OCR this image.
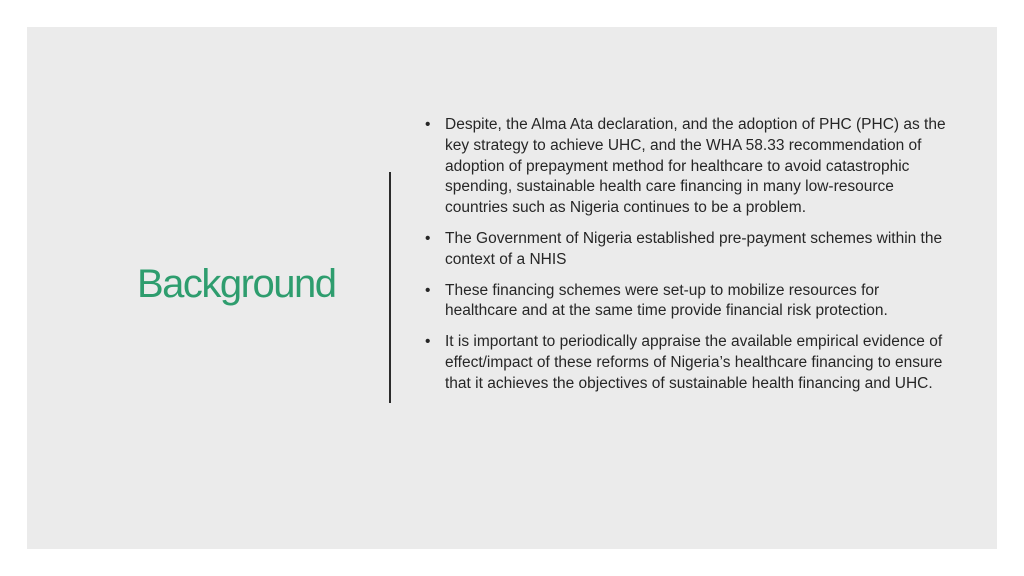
Background
• Despite, the Alma Ata declaration, and the adoption of PHC (PHC) as the key strategy to achieve UHC, and the WHA 58.33 recommendation of adoption of prepayment method for healthcare to avoid catastrophic spending, sustainable health care financing in many low-resource countries such as Nigeria continues to be a problem.
• The Government of Nigeria established pre-payment schemes within the context of a NHIS
• These financing schemes were set-up to mobilize resources for healthcare and at the same time provide financial risk protection.
• It is important to periodically appraise the available empirical evidence of effect/impact of these reforms of Nigeria’s healthcare financing to ensure that it achieves the objectives of sustainable health financing and UHC.
